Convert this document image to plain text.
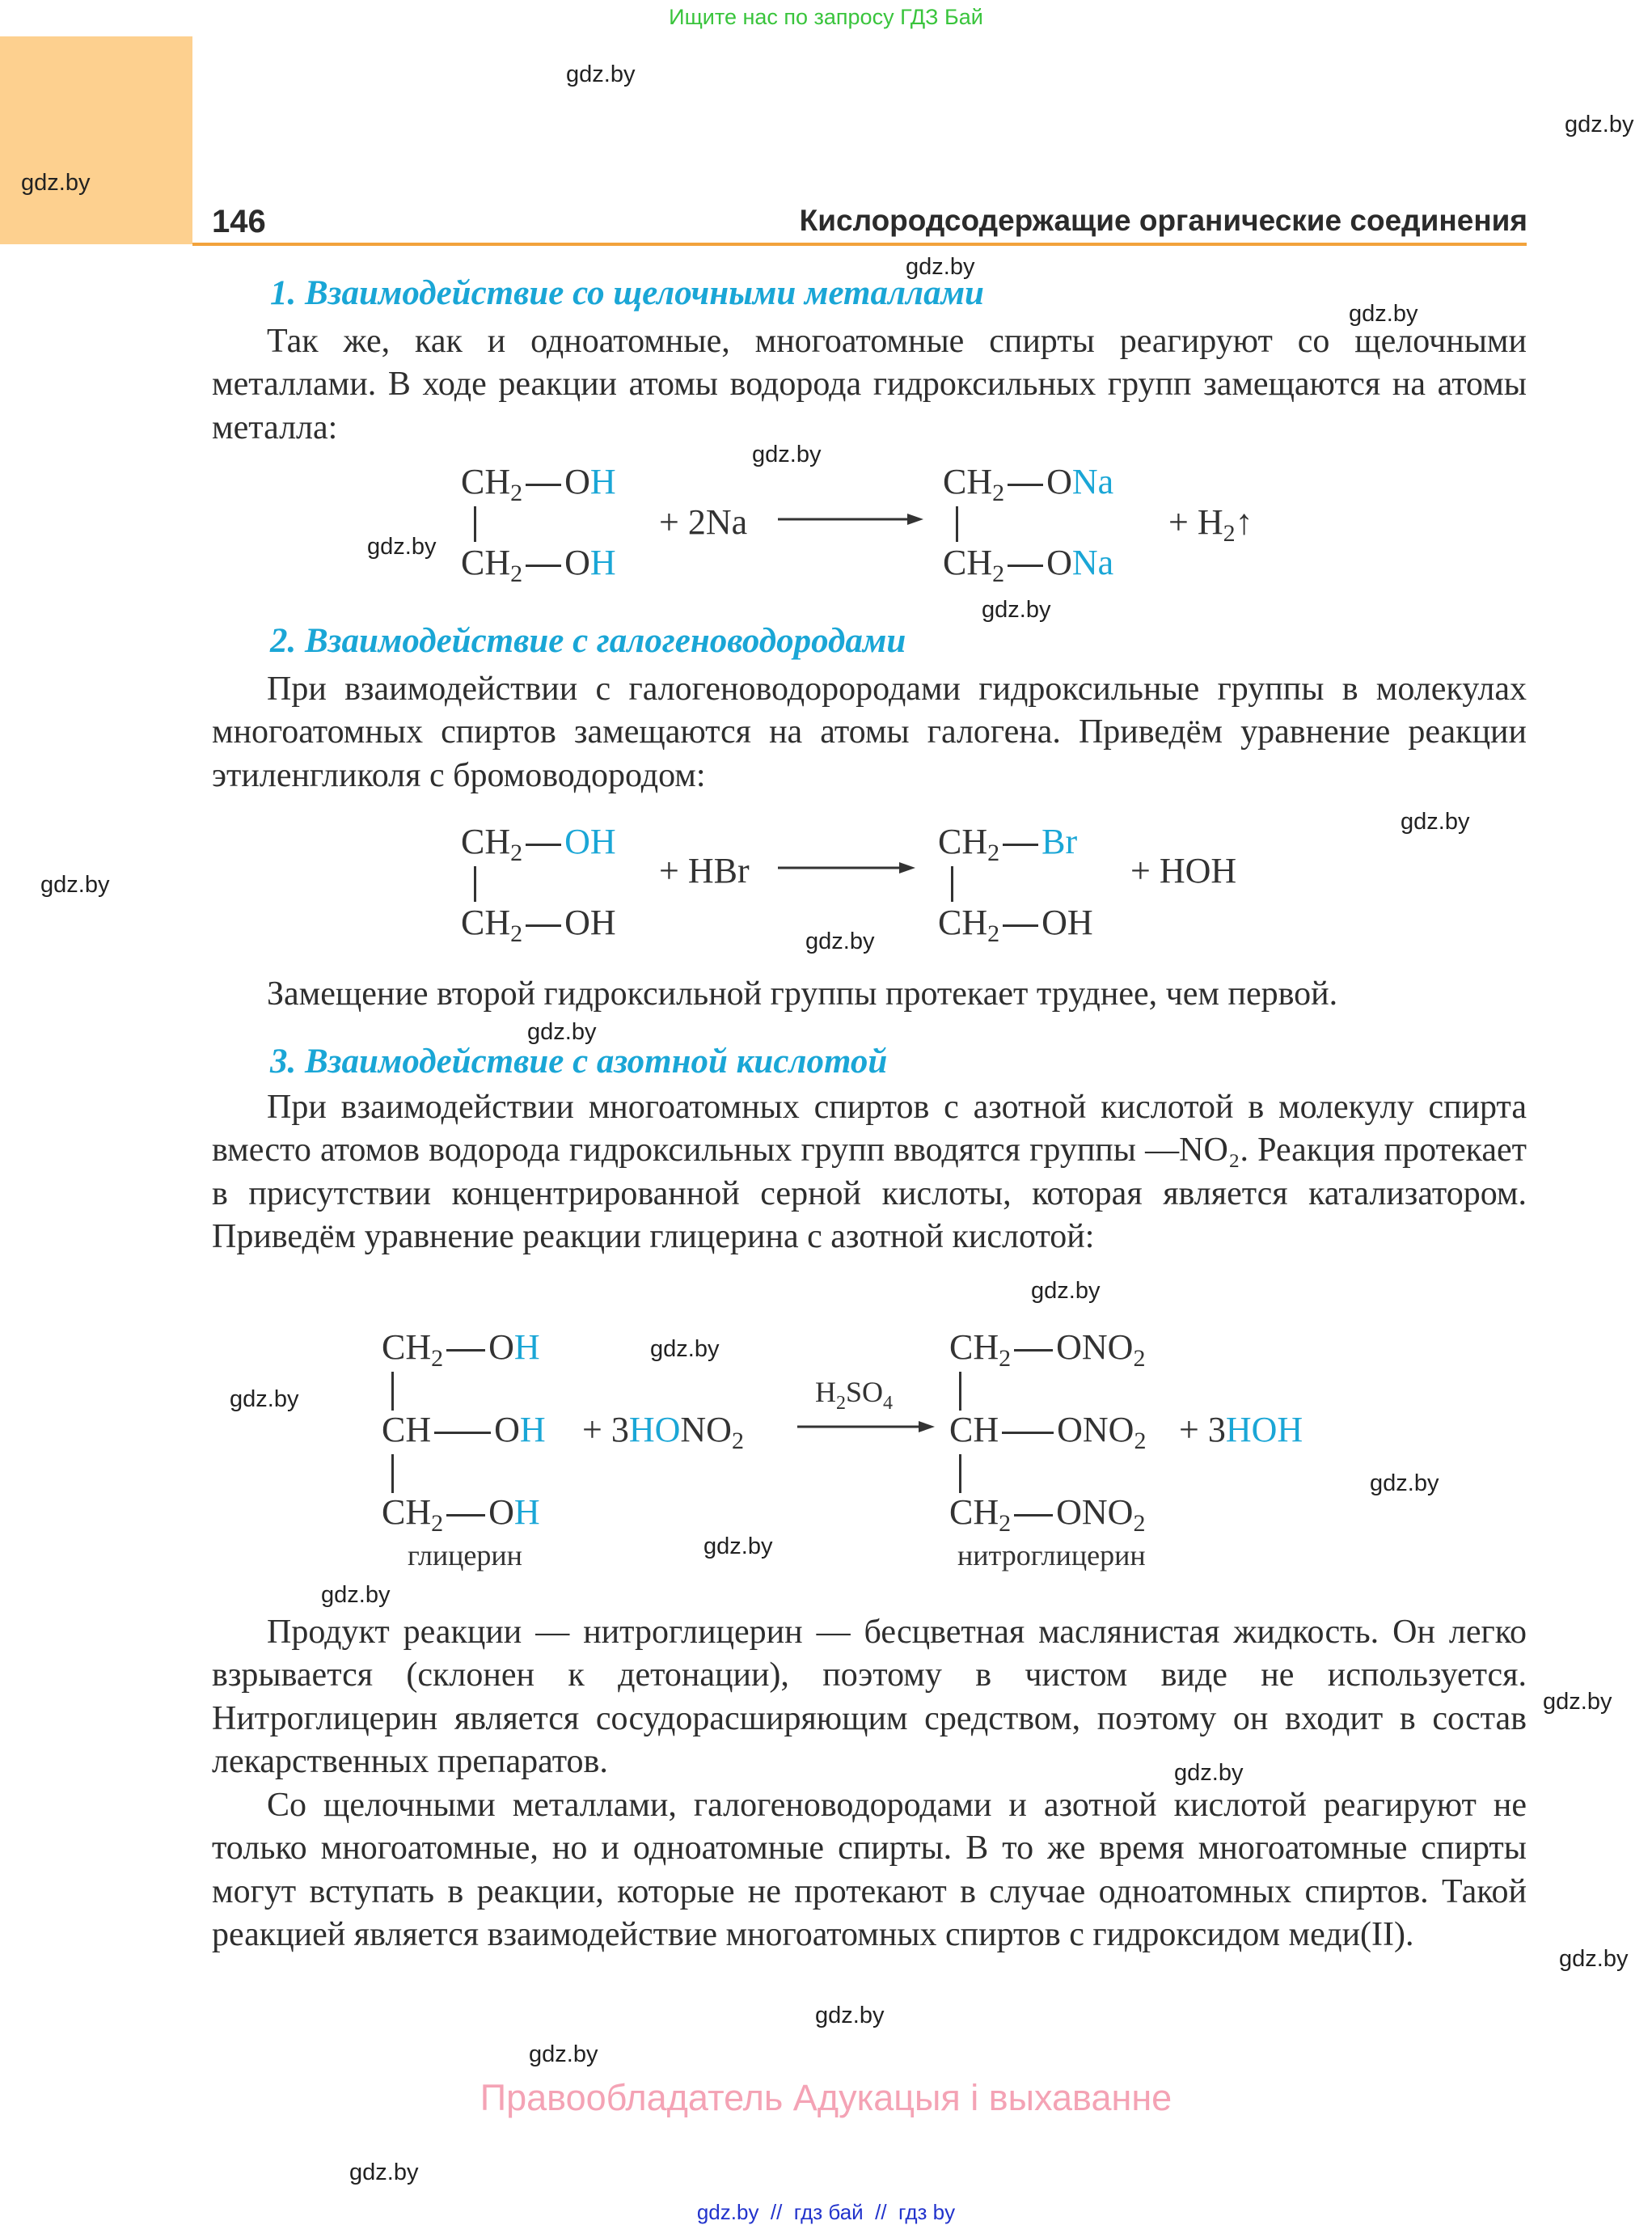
Ищите нас по запросу ГДЗ Бай
146	Кислородсодержащие органические соединения
gdz.by
gdz.by
gdz.by
gdz.by
gdz.by
gdz.by
gdz.by
gdz.by
gdz.by
gdz.by
gdz.by
gdz.by
gdz.by
gdz.by
gdz.by
gdz.by
gdz.by
gdz.by
gdz.by
gdz.by
gdz.by
gdz.by
gdz.by
gdz.by
1. Взаимодействие со щелочными металлами
Так же, как и одноатомные, многоатомные спирты реагируют со щелочными металлами. В ходе реакции атомы водорода гидроксильных групп замещаются на атомы металла:
$CH_2$ OH
$CH_2$ OH
+ 2Na
$CH_2$ ONa
$CH_2$ ONa
+ $H_2↑$
2. Взаимодействие с галогеноводородами
При взаимодействии с галогеноводорородами гидроксильные группы в молекулах многоатомных спиртов замещаются на атомы галогена. Приведём уравнение реакции этиленгликоля с бромоводородом:
$CH_2$ OH
$CH_2$ OH
+ HBr
$CH_2$ Br
$CH_2$ OH
+ HOH
Замещение второй гидроксильной группы протекает труднее, чем первой.
3. Взаимодействие с азотной кислотой
При взаимодействии многоатомных спиртов с азотной кислотой в молекулу спирта вместо атомов водорода гидроксильных групп вводятся группы —NO₂. Реакция протекает в присутствии концентрированной серной кислоты, которая является катализатором. Приведём уравнение реакции глицерина с азотной кислотой:
$CH_2$ OH
CH OH
$CH_2$ OH
глицерин
+ $3HONO_2$
$H_2SO_4$
$CH_2$ $ONO_2$
CH $ONO_2$
$CH_2$ $ONO_2$
нитроглицерин
+ 3HOH
Продукт реакции — нитроглицерин — бесцветная маслянистая жидкость. Он легко взрывается (склонен к детонации), поэтому в чистом виде не используется. Нитроглицерин является сосудорасширяющим средством, поэтому он входит в состав лекарственных препаратов.
Со щелочными металлами, галогеноводородами и азотной кислотой реагируют не только многоатомные, но и одноатомные спирты. В то же время многоатомные спирты могут вступать в реакции, которые не протекают в случае одноатомных спиртов. Такой реакцией является взаимодействие многоатомных спиртов с гидроксидом меди(II).
Правообладатель Адукацыя і выхаванне
gdz.by  //  гдз бай  //  гдз by
